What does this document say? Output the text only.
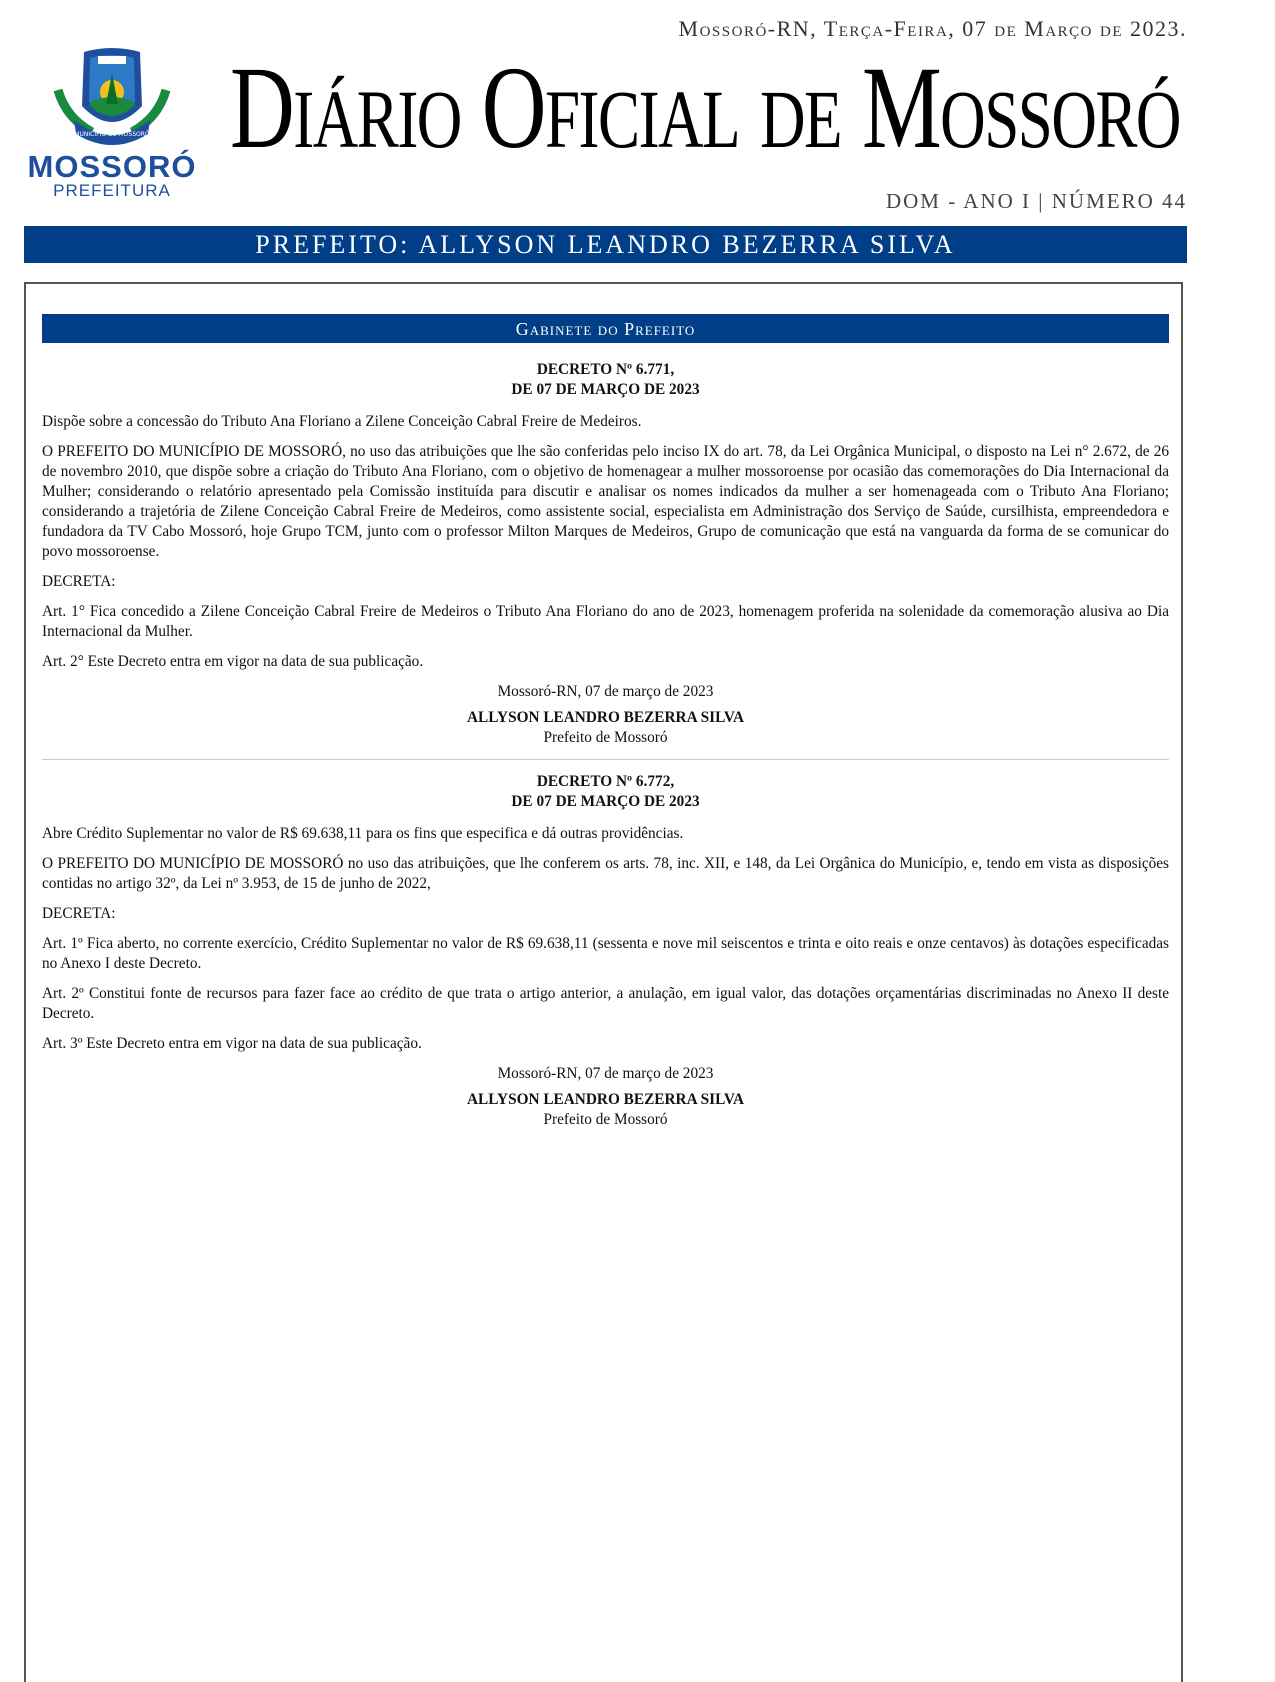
MUNICÍPIO DE MOSSORÓ
MOSSORÓ
PREFEITURA
Mossoró-RN, Terça-Feira, 07 de Março de 2023.
Diário Oficial de Mossoró
DOM - ANO I | NÚMERO 44
PREFEITO: ALLYSON LEANDRO BEZERRA SILVA
Gabinete do Prefeito
DECRETO Nº 6.771,
DE 07 DE MARÇO DE 2023

Dispõe sobre a concessão do Tributo Ana Floriano a Zilene Conceição Cabral Freire de Medeiros.

O PREFEITO DO MUNICÍPIO DE MOSSORÓ, no uso das atribuições que lhe são conferidas pelo inciso IX do art. 78, da Lei Orgânica Municipal, o disposto na Lei n° 2.672, de 26 de novembro 2010, que dispõe sobre a criação do Tributo Ana Floriano, com o objetivo de homenagear a mulher mossoroense por ocasião das comemorações do Dia Internacional da Mulher; considerando o relatório apresentado pela Comissão instituída para discutir e analisar os nomes indicados da mulher a ser homenageada com o Tributo Ana Floriano; considerando a trajetória de Zilene Conceição Cabral Freire de Medeiros, como assistente social, especialista em Administração dos Serviço de Saúde, cursilhista, empreendedora e fundadora da TV Cabo Mossoró, hoje Grupo TCM, junto com o professor Milton Marques de Medeiros, Grupo de comunicação que está na vanguarda da forma de se comunicar do povo mossoroense.

DECRETA:

Art. 1° Fica concedido a Zilene Conceição Cabral Freire de Medeiros o Tributo Ana Floriano do ano de 2023, homenagem proferida na solenidade da comemoração alusiva ao Dia Internacional da Mulher.

Art. 2° Este Decreto entra em vigor na data de sua publicação.

Mossoró-RN, 07 de março de 2023

ALLYSON LEANDRO BEZERRA SILVA

Prefeito de Mossoró

DECRETO Nº 6.772,
DE 07 DE MARÇO DE 2023

Abre Crédito Suplementar no valor de R$ 69.638,11 para os fins que especifica e dá outras providências.

O PREFEITO DO MUNICÍPIO DE MOSSORÓ no uso das atribuições, que lhe conferem os arts. 78, inc. XII, e 148, da Lei Orgânica do Município, e, tendo em vista as disposições contidas no artigo 32º, da Lei nº 3.953, de 15 de junho de 2022,

DECRETA:

Art. 1º Fica aberto, no corrente exercício, Crédito Suplementar no valor de R$ 69.638,11 (sessenta e nove mil seiscentos e trinta e oito reais e onze centavos) às dotações especificadas no Anexo I deste Decreto.

Art. 2º Constitui fonte de recursos para fazer face ao crédito de que trata o artigo anterior, a anulação, em igual valor, das dotações orçamentárias discriminadas no Anexo II deste Decreto.

Art. 3º Este Decreto entra em vigor na data de sua publicação.

Mossoró-RN, 07 de março de 2023

ALLYSON LEANDRO BEZERRA SILVA

Prefeito de Mossoró
